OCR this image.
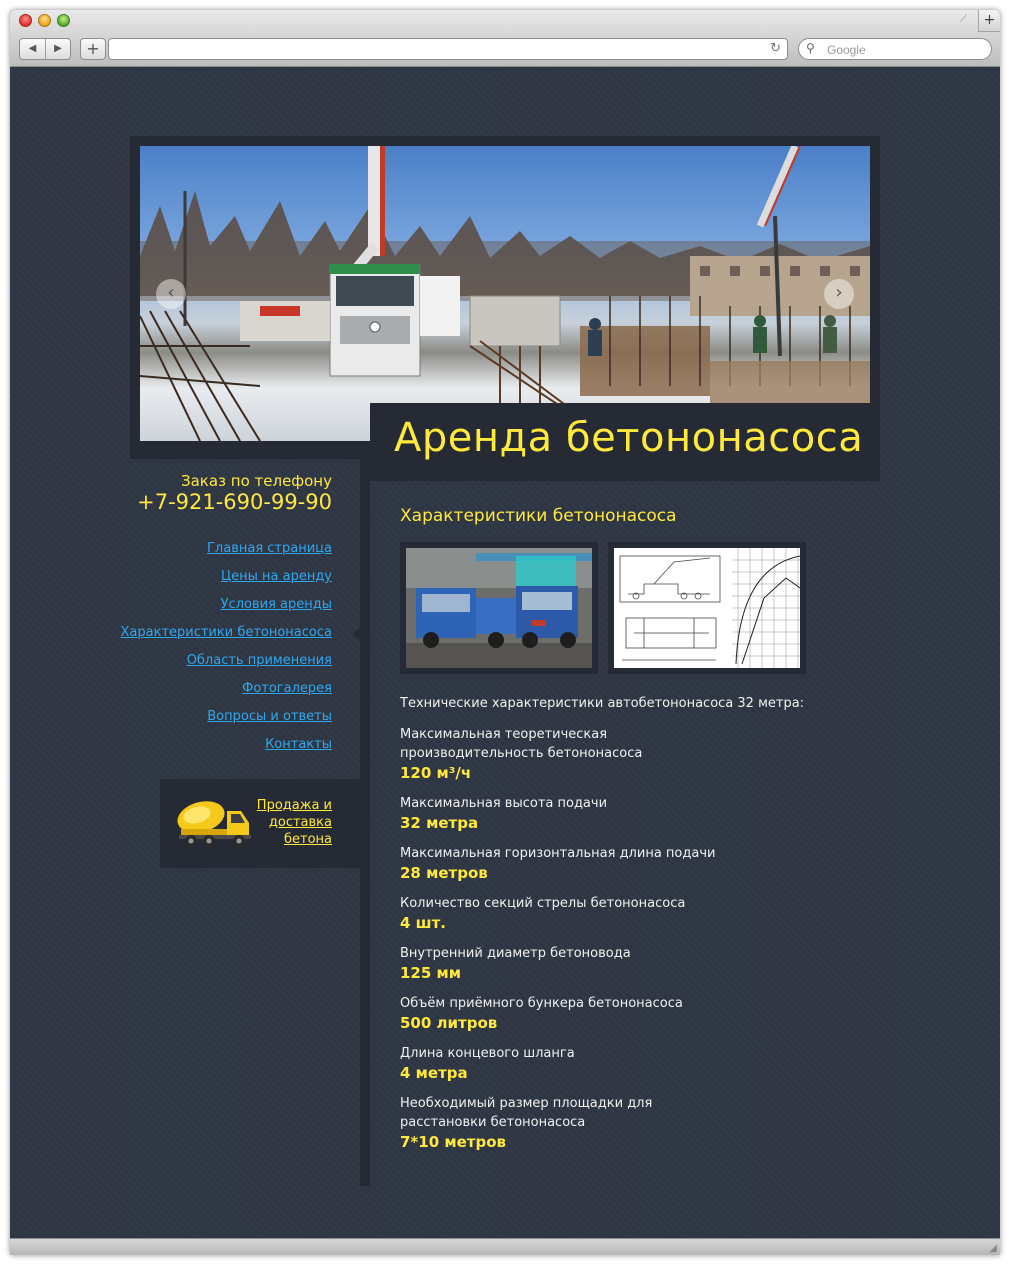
⟋	+
◀	▶	+	↻ ⚲ Google
‹	›
Аренда бетононасоса
Заказ по телефону
+7-921-690-99-90
Главная страница
Цены на аренду
Условия аренды
Характеристики бетононасоса
Область применения
Фотогалерея
Вопросы и ответы
Контакты
Продажа и
доставка
бетона
Характеристики бетононасоса

Технические характеристики автобетононасоса 32 метра:

Максимальная теоретическая производительность бетононасоса
120 м³/ч
Максимальная высота подачи
32 метра
Максимальная горизонтальная длина подачи
28 метров
Количество секций стрелы бетононасоса
4 шт.
Внутренний диаметр бетоновода
125 мм
Объём приёмного бункера бетононасоса
500 литров
Длина концевого шланга
4 метра
Необходимый размер площадки для расстановки бетононасоса
7*10 метров
◢
